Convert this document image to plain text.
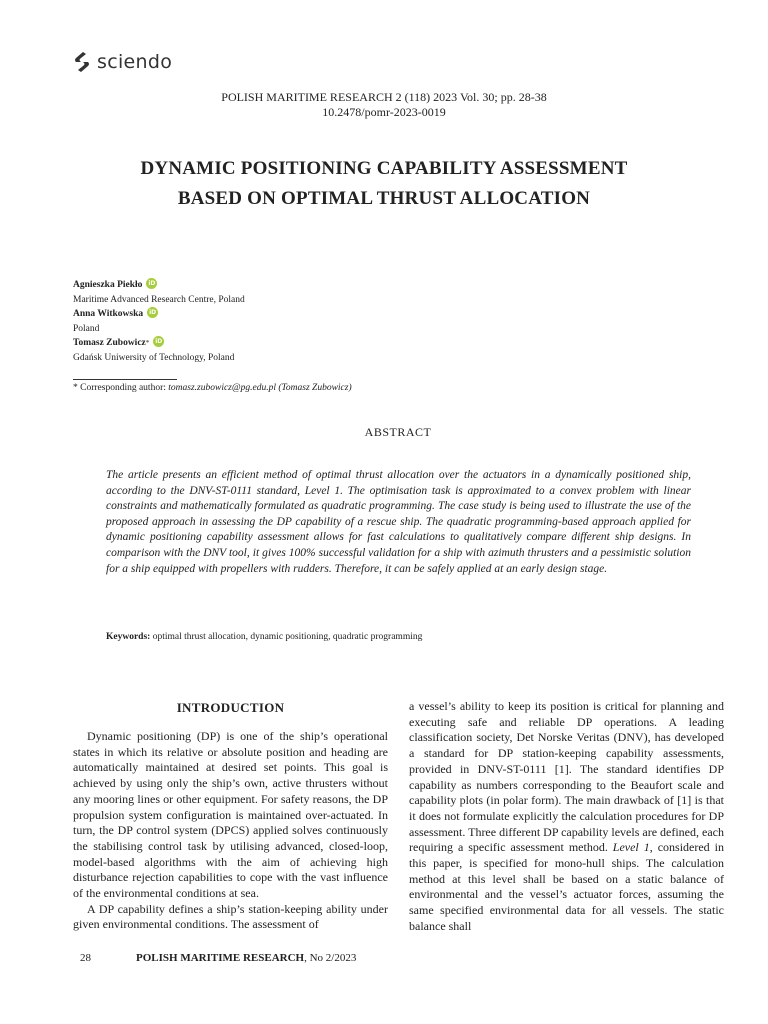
sciendo
POLISH MARITIME RESEARCH 2 (118) 2023 Vol. 30; pp. 28-38
10.2478/pomr-2023-0019
DYNAMIC POSITIONING CAPABILITY ASSESSMENT
BASED ON OPTIMAL THRUST ALLOCATION
Agnieszka Piekło iD
Maritime Advanced Research Centre, Poland
Anna Witkowska iD
Poland
Tomasz Zubowicz * iD
Gdańsk Uniwersity of Technology, Poland
* Corresponding author: tomasz.zubowicz@pg.edu.pl (Tomasz Zubowicz)
ABSTRACT
The article presents an efficient method of optimal thrust allocation over the actuators in a dynamically positioned ship, according to the DNV-ST-0111 standard, Level 1. The optimisation task is approximated to a convex problem with linear constraints and mathematically formulated as quadratic programming. The case study is being used to illustrate the use of the proposed approach in assessing the DP capability of a rescue ship. The quadratic programming-based approach applied for dynamic positioning capability assessment allows for fast calculations to qualitatively compare different ship designs. In comparison with the DNV tool, it gives 100% successful validation for a ship with azimuth thrusters and a pessimistic solution for a ship equipped with propellers with rudders. Therefore, it can be safely applied at an early design stage.
Keywords: optimal thrust allocation, dynamic positioning, quadratic programming
INTRODUCTION

Dynamic positioning (DP) is one of the ship’s operational states in which its relative or absolute position and heading are automatically maintained at desired set points. This goal is achieved by using only the ship’s own, active thrusters without any mooring lines or other equipment. For safety reasons, the DP propulsion system configuration is maintained over-actuated. In turn, the DP control system (DPCS) applied solves continuously the stabilising control task by utilising advanced, closed-loop, model-based algorithms with the aim of achieving high disturbance rejection capabilities to cope with the vast influence of the environmental conditions at sea.

A DP capability defines a ship’s station-keeping ability under given environmental conditions. The assessment of

a vessel’s ability to keep its position is critical for planning and executing safe and reliable DP operations. A leading classification society, Det Norske Veritas (DNV), has developed a standard for DP station-keeping capability assessments, provided in DNV-ST-0111 [1]. The standard identifies DP capability as numbers corresponding to the Beaufort scale and capability plots (in polar form). The main drawback of [1] is that it does not formulate explicitly the calculation procedures for DP assessment. Three different DP capability levels are defined, each requiring a specific assessment method. Level 1, considered in this paper, is specified for mono-hull ships. The calculation method at this level shall be based on a static balance of environmental and the vessel’s actuator forces, assuming the same specified environmental data for all vessels. The static balance shall

28	POLISH MARITIME RESEARCH, No 2/2023
